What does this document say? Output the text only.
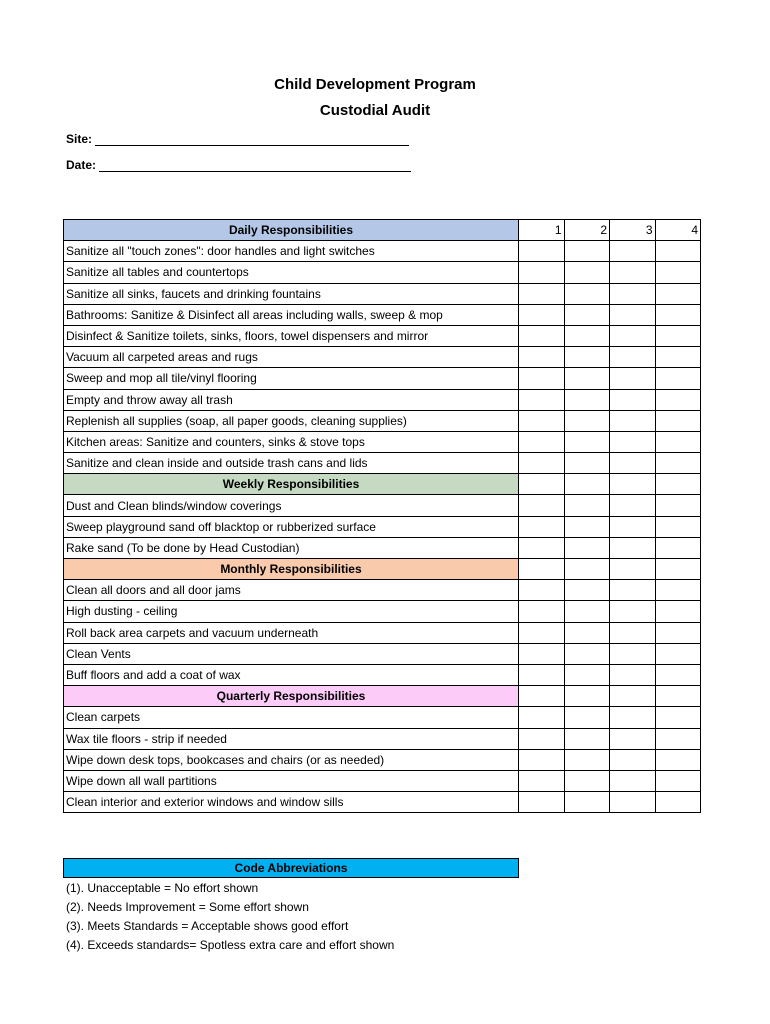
Child Development Program
Custodial Audit
Site:
Date:
Daily Responsibilities	1	2	3	4
Sanitize all "touch zones": door handles and light switches				
Sanitize all tables and countertops				
Sanitize all sinks, faucets and drinking fountains				
Bathrooms: Sanitize & Disinfect all areas including walls, sweep & mop				
Disinfect & Sanitize toilets, sinks, floors, towel dispensers and mirror				
Vacuum all carpeted areas and rugs				
Sweep and mop all tile/vinyl flooring				
Empty and throw away all trash				
Replenish all supplies (soap, all paper goods, cleaning supplies)				
Kitchen areas: Sanitize and counters, sinks & stove tops				
Sanitize and clean inside and outside trash cans and lids				
Weekly Responsibilities				
Dust and Clean blinds/window coverings				
Sweep playground sand off blacktop or rubberized surface				
Rake sand (To be done by Head Custodian)				
Monthly Responsibilities				
Clean all doors and all door jams				
High dusting - ceiling				
Roll back area carpets and vacuum underneath				
Clean Vents				
Buff floors and add a coat of wax				
Quarterly Responsibilities				
Clean carpets				
Wax tile floors - strip if needed				
Wipe down desk tops, bookcases and chairs (or as needed)				
Wipe down all wall partitions				
Clean interior and exterior windows and window sills				
Code Abbreviations
(1). Unacceptable = No effort shown
(2). Needs Improvement = Some effort shown
(3). Meets Standards = Acceptable shows good effort
(4). Exceeds standards= Spotless extra care and effort shown
